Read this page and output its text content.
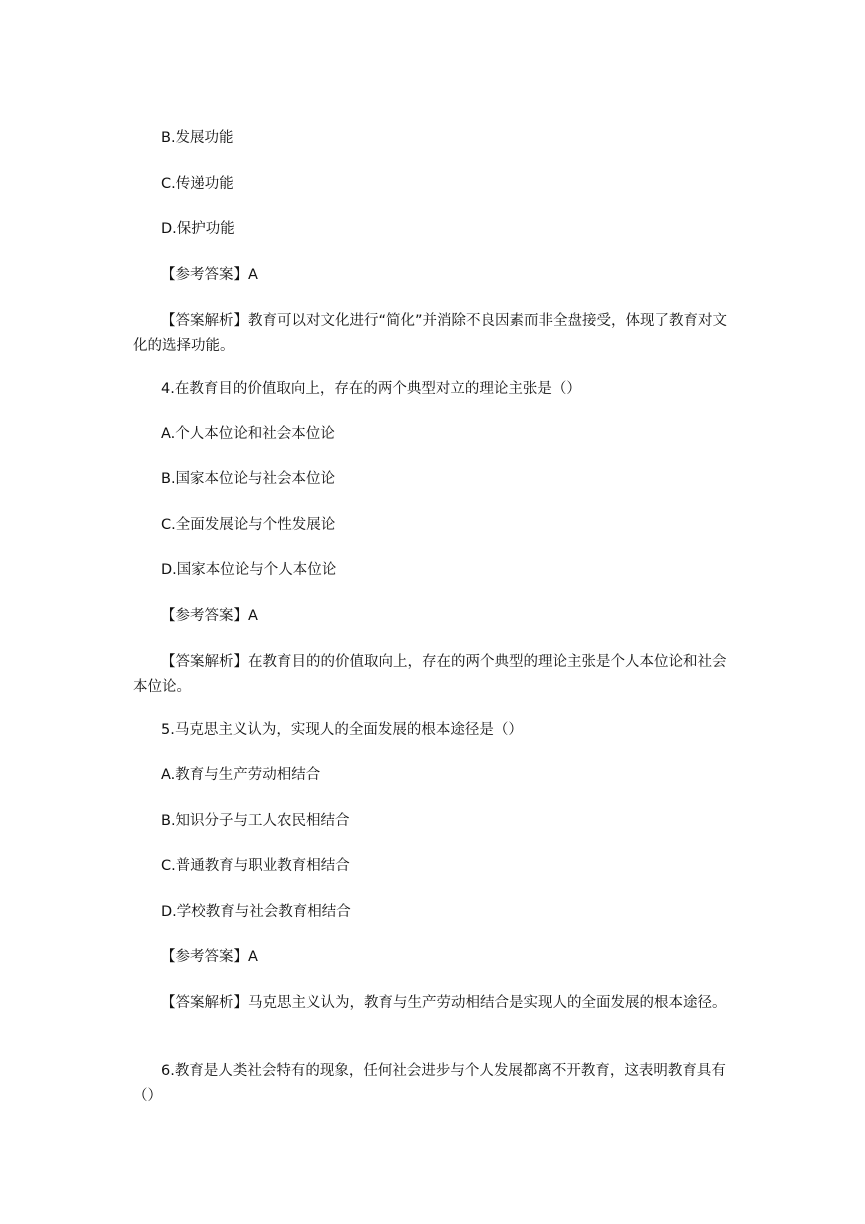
B.发展功能

C.传递功能

D.保护功能

【参考答案】A

【答案解析】教育可以对文化进行“简化”并消除不良因素而非全盘接受，体现了教育对文化的选择功能。

4.在教育目的价值取向上，存在的两个典型对立的理论主张是（）

A.个人本位论和社会本位论

B.国家本位论与社会本位论

C.全面发展论与个性发展论

D.国家本位论与个人本位论

【参考答案】A

【答案解析】在教育目的的价值取向上，存在的两个典型的理论主张是个人本位论和社会本位论。

5.马克思主义认为，实现人的全面发展的根本途径是（）

A.教育与生产劳动相结合

B.知识分子与工人农民相结合

C.普通教育与职业教育相结合

D.学校教育与社会教育相结合

【参考答案】A

【答案解析】马克思主义认为，教育与生产劳动相结合是实现人的全面发展的根本途径。

6.教育是人类社会特有的现象，任何社会进步与个人发展都离不开教育，这表明教育具有（）
